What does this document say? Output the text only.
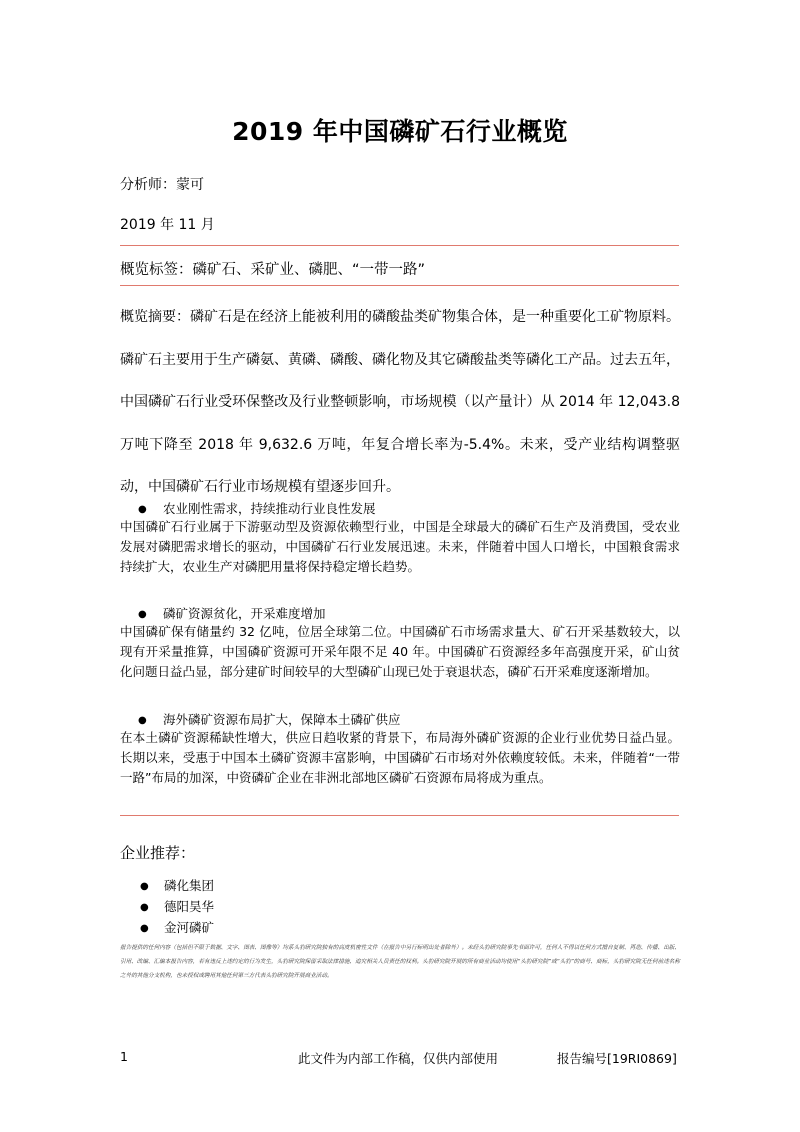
2019 年中国磷矿石行业概览
分析师：蒙可
2019 年 11 月
概览标签：磷矿石、采矿业、磷肥、“一带一路”
概览摘要：磷矿石是在经济上能被利用的磷酸盐类矿物集合体，是一种重要化工矿物原料。磷矿石主要用于生产磷氨、黄磷、磷酸、磷化物及其它磷酸盐类等磷化工产品。过去五年，中国磷矿石行业受环保整改及行业整顿影响，市场规模（以产量计）从 2014 年 12,043.8 万吨下降至 2018 年 9,632.6 万吨，年复合增长率为-5.4%。未来，受产业结构调整驱动，中国磷矿石行业市场规模有望逐步回升。
● 农业刚性需求，持续推动行业良性发展
中国磷矿石行业属于下游驱动型及资源依赖型行业，中国是全球最大的磷矿石生产及消费国，受农业发展对磷肥需求增长的驱动，中国磷矿石行业发展迅速。未来，伴随着中国人口增长，中国粮食需求持续扩大，农业生产对磷肥用量将保持稳定增长趋势。
● 磷矿资源贫化，开采难度增加
中国磷矿保有储量约 32 亿吨，位居全球第二位。中国磷矿石市场需求量大、矿石开采基数较大，以现有开采量推算，中国磷矿资源可开采年限不足 40 年。中国磷矿石资源经多年高强度开采，矿山贫化问题日益凸显，部分建矿时间较早的大型磷矿山现已处于衰退状态，磷矿石开采难度逐渐增加。
● 海外磷矿资源布局扩大，保障本土磷矿供应
在本土磷矿资源稀缺性增大，供应日趋收紧的背景下，布局海外磷矿资源的企业行业优势日益凸显。长期以来，受惠于中国本土磷矿资源丰富影响，中国磷矿石市场对外依赖度较低。未来，伴随着“一带一路”布局的加深，中资磷矿企业在非洲北部地区磷矿石资源布局将成为重点。
企业推荐：
● 磷化集团
● 德阳昊华
● 金河磷矿
报告提供的任何内容（包括但不限于数据、文字、图表、图像等）均系头豹研究院独有的高度机密性文件（在报告中另行标明出处者除外）。未经头豹研究院事先书面许可，任何人不得以任何方式擅自复制、再造、传播、出版、引用、改编、汇编本报告内容，若有违反上述约定的行为发生，头豹研究院保留采取法律措施、追究相关人员责任的权利。头豹研究院开展的所有商业活动均使用“头豹研究院”或“头豹”的商号、商标，头豹研究院无任何前述名称之外的其他分支机构，也未授权或聘用其他任何第三方代表头豹研究院开展商业活动。
1	此文件为内部工作稿，仅供内部使用	报告编号[19RI0869]
